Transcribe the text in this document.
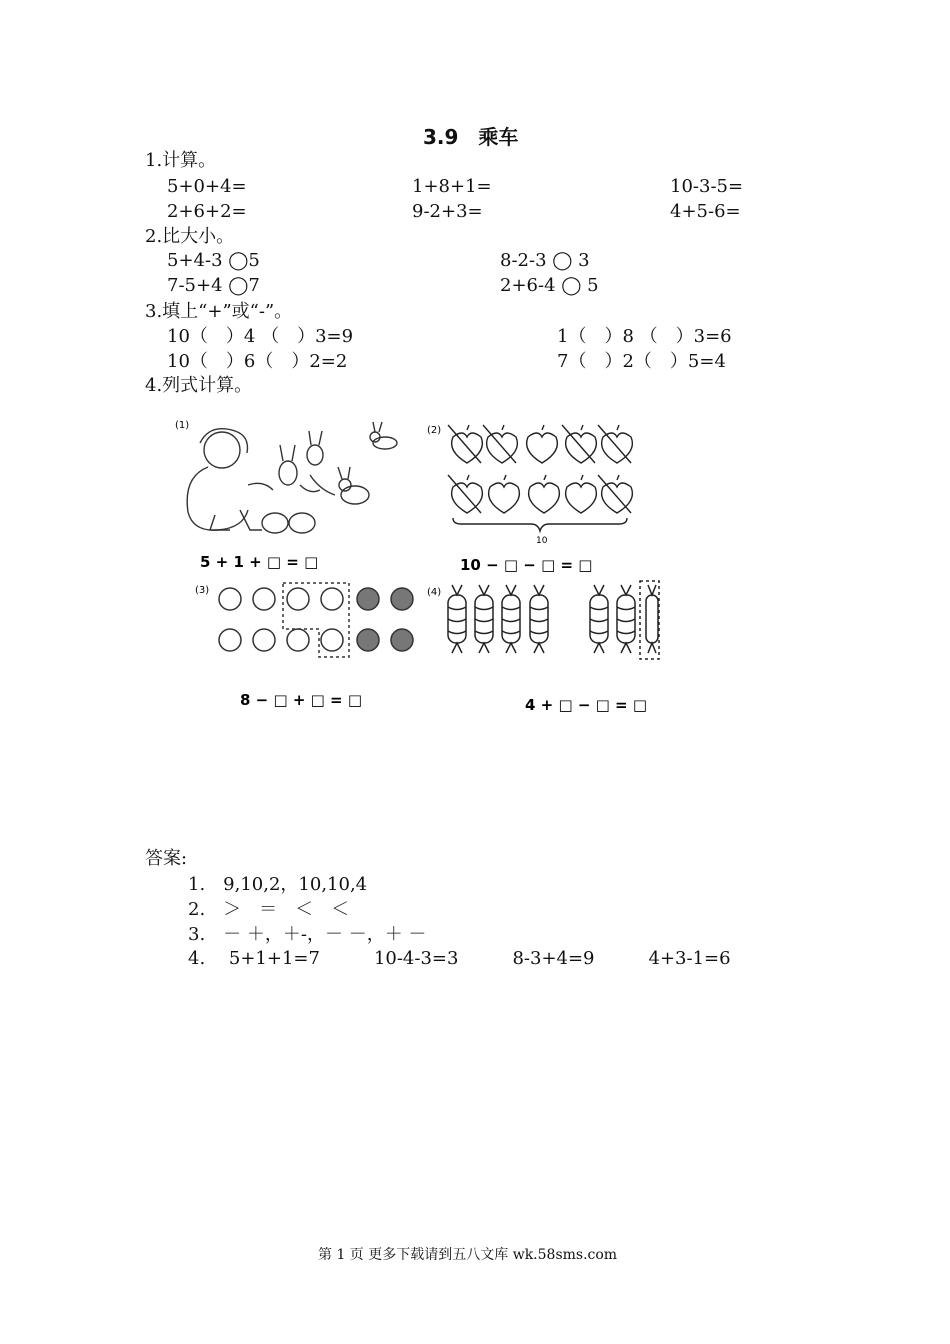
3.9　乘车
1.计算。
5+0+4=	1+8+1=	10-3-5=
2+6+2=	9-2+3=	4+5-6=
2.比大小。
5+4-3 ◯5	8-2-3 ◯ 3
7-5+4 ◯7	2+6-4 ◯ 5
3.填上“+”或“-”。
10（　）4 （　）3=9	1（　）8 （　）3=6
10（　）6（　）2=2	7（　）2（　）5=4
4.列式计算。
(1)	(2)
(3)	(4)
5 + 1 + □ = □
10
10 − □ − □ = □
8 − □ + □ = □	4 + □ − □ = □
答案:
1.　9,10,2，10,10,4
2.　＞　＝　＜　＜
3.　－ ＋，＋-，－ －，＋ －
4.　 5+1+1=7　　　10-4-3=3　　　8-3+4=9　　　4+3-1=6
第 1 页 更多下载请到五八文库 wk.58sms.com
